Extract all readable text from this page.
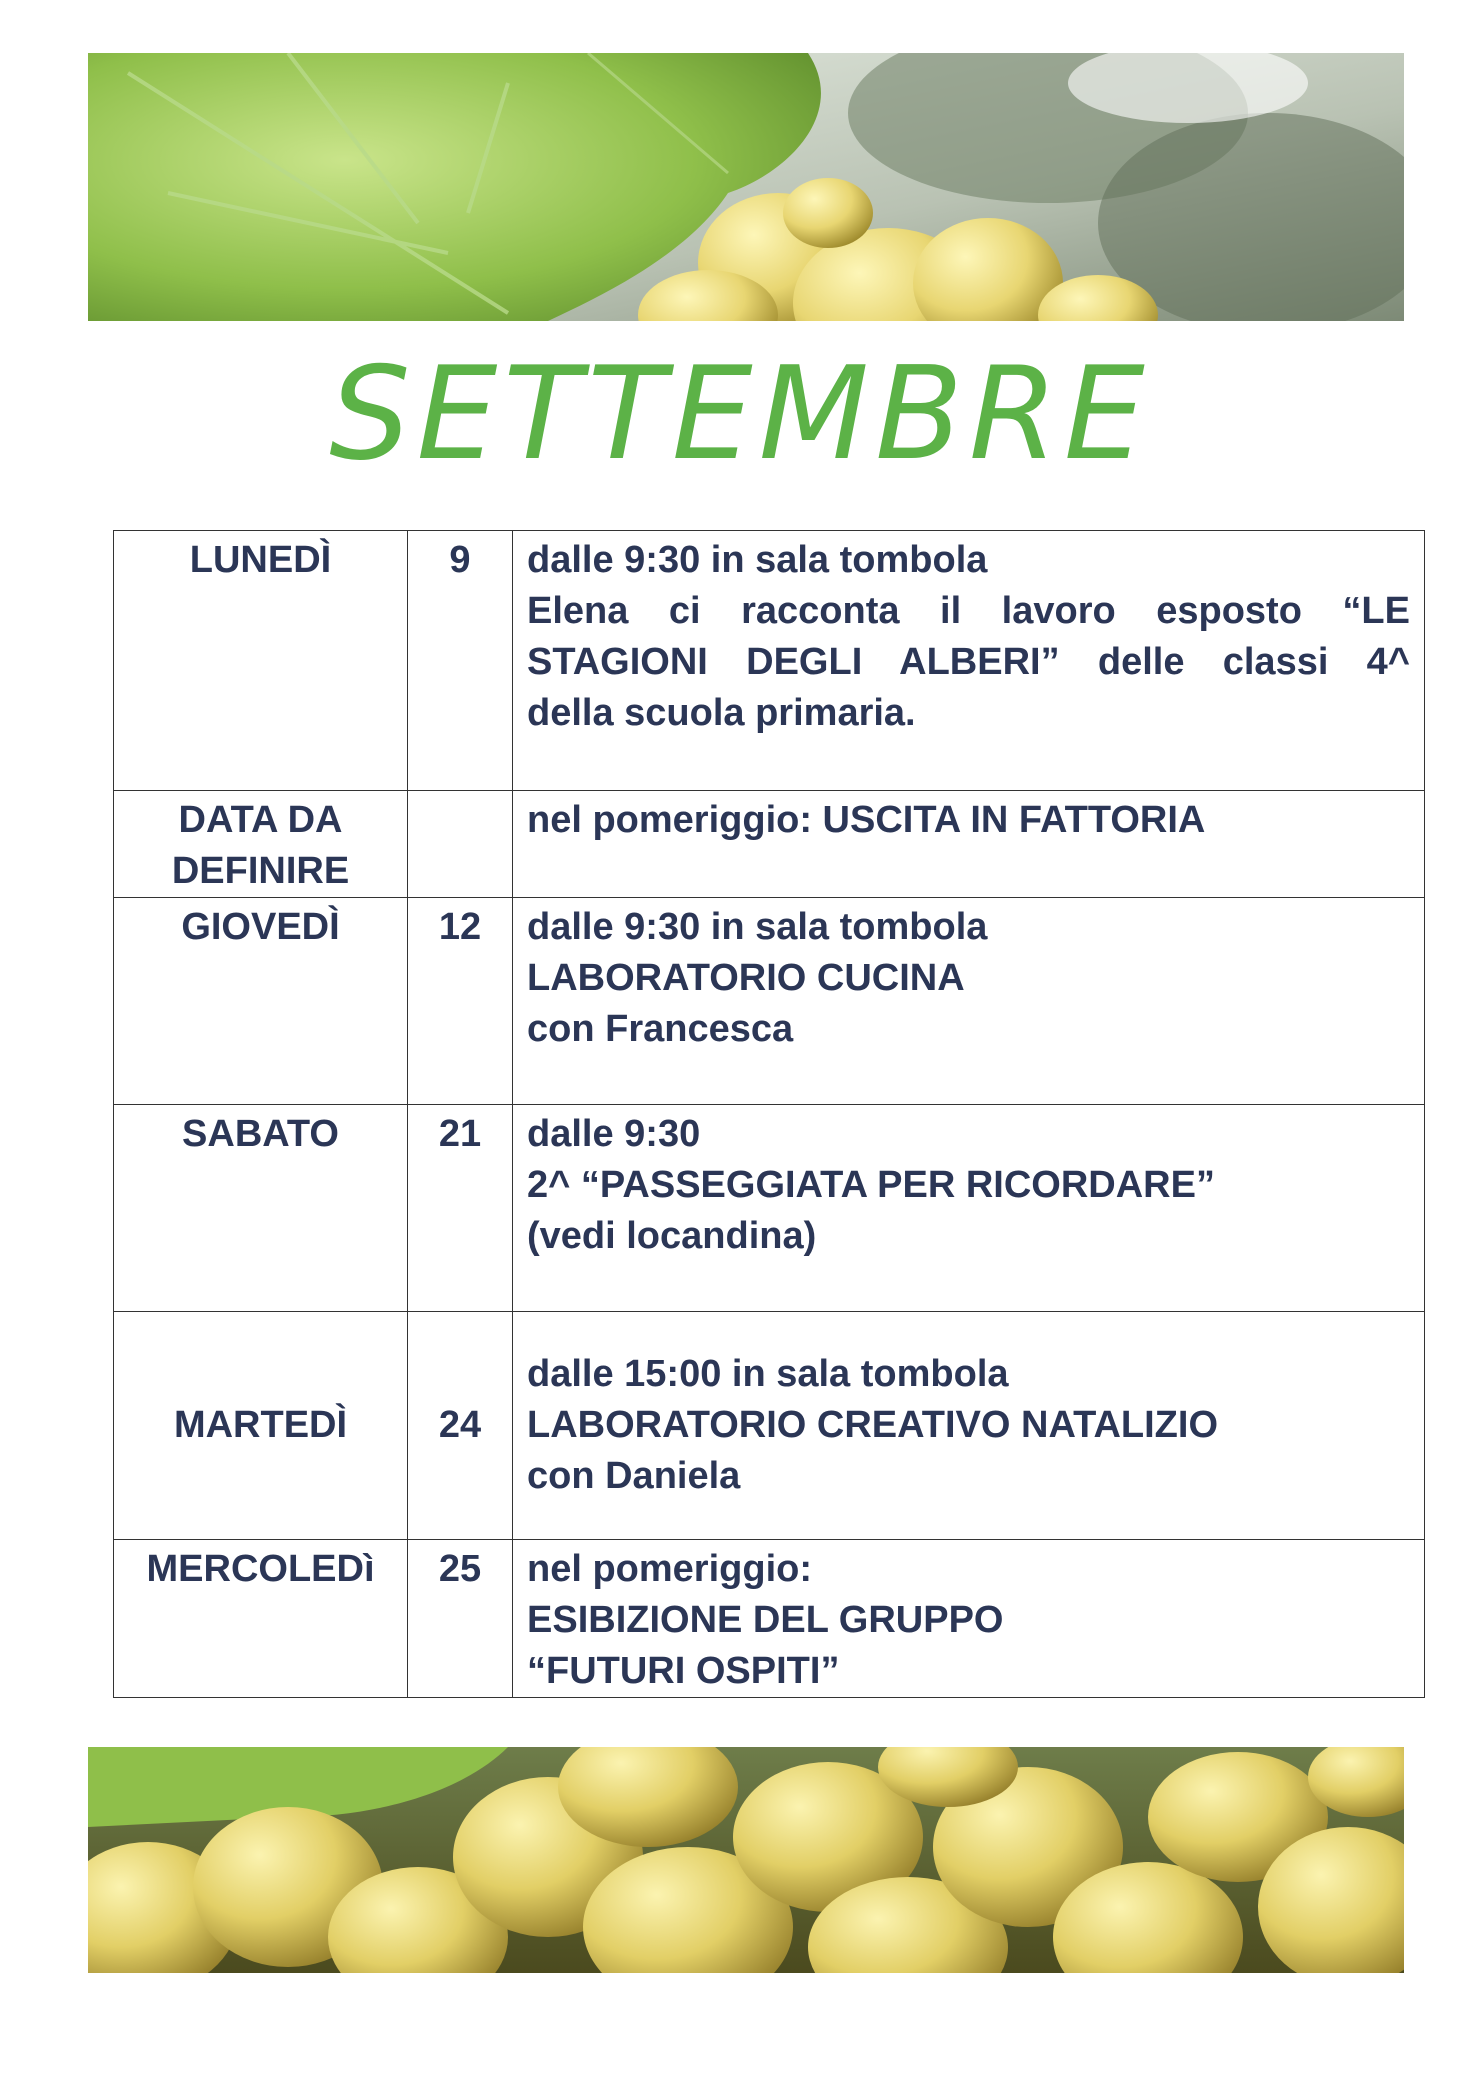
SETTEMBRE
LUNEDÌ	9	dalle 9:30 in sala tombola
Elena ci racconta il lavoro esposto “LE
STAGIONI DEGLI ALBERI” delle classi 4^
della scuola primaria.

DATA DA DEFINIRE		nel pomeriggio: USCITA IN FATTORIA

GIOVEDÌ	12	dalle 9:30 in sala tombola
LABORATORIO CUCINA
con Francesca

SABATO	21	dalle 9:30
2^ “PASSEGGIATA PER RICORDARE”
(vedi locandina)

MARTEDÌ	24	dalle 15:00 in sala tombola
LABORATORIO CREATIVO NATALIZIO
con Daniela

MERCOLEDì	25	nel pomeriggio:
ESIBIZIONE DEL GRUPPO
“FUTURI OSPITI”
